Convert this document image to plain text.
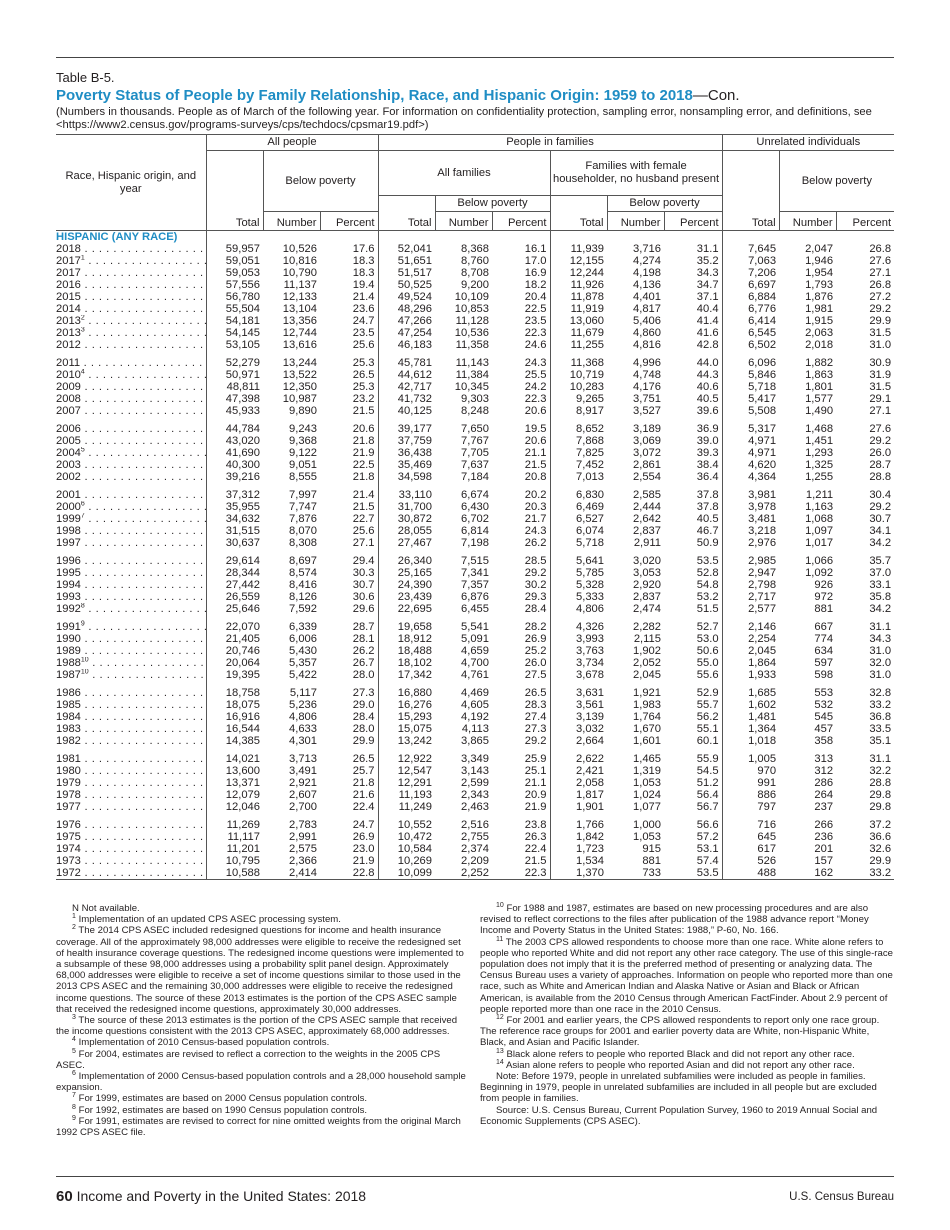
Table B-5.
Poverty Status of People by Family Relationship, Race, and Hispanic Origin: 1959 to 2018—Con.
(Numbers in thousands. People as of March of the following year. For information on confidentiality protection, sampling error, nonsampling error, and definitions, see <https://www2.census.gov/programs-surveys/cps/techdocs/cpsmar19.pdf>)
Race, Hispanic origin, and year	All people			People in families						Unrelated individuals		
	Total	Below poverty		All families			Families with female householder, no husband present			Total	Below poverty	
				Total	Below poverty		Total	Below poverty				
		Number	Percent		Number	Percent		Number	Percent		Number	Percent
HISPANIC (ANY RACE)												
2018 . . .	59,957	10,526	17.6	52,041	8,368	16.1	11,939	3,716	31.1	7,645	2,047	26.8
2017$^1$ . . .	59,051	10,816	18.3	51,651	8,760	17.0	12,155	4,274	35.2	7,063	1,946	27.6
2017 . . .	59,053	10,790	18.3	51,517	8,708	16.9	12,244	4,198	34.3	7,206	1,954	27.1
2016 . . .	57,556	11,137	19.4	50,525	9,200	18.2	11,926	4,136	34.7	6,697	1,793	26.8
2015 . . .	56,780	12,133	21.4	49,524	10,109	20.4	11,878	4,401	37.1	6,884	1,876	27.2
2014 . . .	55,504	13,104	23.6	48,296	10,853	22.5	11,919	4,817	40.4	6,776	1,981	29.2
2013$^2$ . . .	54,181	13,356	24.7	47,266	11,128	23.5	13,060	5,406	41.4	6,414	1,915	29.9
2013$^3$ . . .	54,145	12,744	23.5	47,254	10,536	22.3	11,679	4,860	41.6	6,545	2,063	31.5
2012 . . .	53,105	13,616	25.6	46,183	11,358	24.6	11,255	4,816	42.8	6,502	2,018	31.0
2011 . . .	52,279	13,244	25.3	45,781	11,143	24.3	11,368	4,996	44.0	6,096	1,882	30.9
2010$^4$ . . .	50,971	13,522	26.5	44,612	11,384	25.5	10,719	4,748	44.3	5,846	1,863	31.9
2009 . . .	48,811	12,350	25.3	42,717	10,345	24.2	10,283	4,176	40.6	5,718	1,801	31.5
2008 . . .	47,398	10,987	23.2	41,732	9,303	22.3	9,265	3,751	40.5	5,417	1,577	29.1
2007 . . .	45,933	9,890	21.5	40,125	8,248	20.6	8,917	3,527	39.6	5,508	1,490	27.1
2006 . . .	44,784	9,243	20.6	39,177	7,650	19.5	8,652	3,189	36.9	5,317	1,468	27.6
2005 . . .	43,020	9,368	21.8	37,759	7,767	20.6	7,868	3,069	39.0	4,971	1,451	29.2
2004$^5$ . . .	41,690	9,122	21.9	36,438	7,705	21.1	7,825	3,072	39.3	4,971	1,293	26.0
2003 . . .	40,300	9,051	22.5	35,469	7,637	21.5	7,452	2,861	38.4	4,620	1,325	28.7
2002 . . .	39,216	8,555	21.8	34,598	7,184	20.8	7,013	2,554	36.4	4,364	1,255	28.8
2001 . . .	37,312	7,997	21.4	33,110	6,674	20.2	6,830	2,585	37.8	3,981	1,211	30.4
2000$^6$ . . .	35,955	7,747	21.5	31,700	6,430	20.3	6,469	2,444	37.8	3,978	1,163	29.2
1999$^7$ . . .	34,632	7,876	22.7	30,872	6,702	21.7	6,527	2,642	40.5	3,481	1,068	30.7
1998 . . .	31,515	8,070	25.6	28,055	6,814	24.3	6,074	2,837	46.7	3,218	1,097	34.1
1997 . . .	30,637	8,308	27.1	27,467	7,198	26.2	5,718	2,911	50.9	2,976	1,017	34.2
1996 . . .	29,614	8,697	29.4	26,340	7,515	28.5	5,641	3,020	53.5	2,985	1,066	35.7
1995 . . .	28,344	8,574	30.3	25,165	7,341	29.2	5,785	3,053	52.8	2,947	1,092	37.0
1994 . . .	27,442	8,416	30.7	24,390	7,357	30.2	5,328	2,920	54.8	2,798	926	33.1
1993 . . .	26,559	8,126	30.6	23,439	6,876	29.3	5,333	2,837	53.2	2,717	972	35.8
1992$^8$ . . .	25,646	7,592	29.6	22,695	6,455	28.4	4,806	2,474	51.5	2,577	881	34.2
1991$^9$ . . .	22,070	6,339	28.7	19,658	5,541	28.2	4,326	2,282	52.7	2,146	667	31.1
1990 . . .	21,405	6,006	28.1	18,912	5,091	26.9	3,993	2,115	53.0	2,254	774	34.3
1989 . . .	20,746	5,430	26.2	18,488	4,659	25.2	3,763	1,902	50.6	2,045	634	31.0
1988$^{10}$ . . .	20,064	5,357	26.7	18,102	4,700	26.0	3,734	2,052	55.0	1,864	597	32.0
1987$^{10}$ . . .	19,395	5,422	28.0	17,342	4,761	27.5	3,678	2,045	55.6	1,933	598	31.0
1986 . . .	18,758	5,117	27.3	16,880	4,469	26.5	3,631	1,921	52.9	1,685	553	32.8
1985 . . .	18,075	5,236	29.0	16,276	4,605	28.3	3,561	1,983	55.7	1,602	532	33.2
1984 . . .	16,916	4,806	28.4	15,293	4,192	27.4	3,139	1,764	56.2	1,481	545	36.8
1983 . . .	16,544	4,633	28.0	15,075	4,113	27.3	3,032	1,670	55.1	1,364	457	33.5
1982 . . .	14,385	4,301	29.9	13,242	3,865	29.2	2,664	1,601	60.1	1,018	358	35.1
1981 . . .	14,021	3,713	26.5	12,922	3,349	25.9	2,622	1,465	55.9	1,005	313	31.1
1980 . . .	13,600	3,491	25.7	12,547	3,143	25.1	2,421	1,319	54.5	970	312	32.2
1979 . . .	13,371	2,921	21.8	12,291	2,599	21.1	2,058	1,053	51.2	991	286	28.8
1978 . . .	12,079	2,607	21.6	11,193	2,343	20.9	1,817	1,024	56.4	886	264	29.8
1977 . . .	12,046	2,700	22.4	11,249	2,463	21.9	1,901	1,077	56.7	797	237	29.8
1976 . . .	11,269	2,783	24.7	10,552	2,516	23.8	1,766	1,000	56.6	716	266	37.2
1975 . . .	11,117	2,991	26.9	10,472	2,755	26.3	1,842	1,053	57.2	645	236	36.6
1974 . . .	11,201	2,575	23.0	10,584	2,374	22.4	1,723	915	53.1	617	201	32.6
1973 . . .	10,795	2,366	21.9	10,269	2,209	21.5	1,534	881	57.4	526	157	29.9
1972 . . .	10,588	2,414	22.8	10,099	2,252	22.3	1,370	733	53.5	488	162	33.2

N Not available.

$^1$ Implementation of an updated CPS ASEC processing system.

$^2$ The 2014 CPS ASEC included redesigned questions for income and health insurance coverage. All of the approximately 98,000 addresses were eligible to receive the redesigned set of health insurance coverage questions. The redesigned income questions were implemented to a subsample of these 98,000 addresses using a probability split panel design. Approximately 68,000 addresses were eligible to receive a set of income questions similar to those used in the 2013 CPS ASEC and the remaining 30,000 addresses were eligible to receive the redesigned income questions. The source of these 2013 estimates is the portion of the CPS ASEC sample that received the redesigned income questions, approximately 30,000 addresses.

$^3$ The source of these 2013 estimates is the portion of the CPS ASEC sample that received the income questions consistent with the 2013 CPS ASEC, approximately 68,000 addresses.

$^4$ Implementation of 2010 Census-based population controls.

$^5$ For 2004, estimates are revised to reflect a correction to the weights in the 2005 CPS ASEC.

$^6$ Implementation of 2000 Census-based population controls and a 28,000 household sample expansion.

$^7$ For 1999, estimates are based on 2000 Census population controls.

$^8$ For 1992, estimates are based on 1990 Census population controls.

$^9$ For 1991, estimates are revised to correct for nine omitted weights from the original March 1992 CPS ASEC file.

$^{10}$ For 1988 and 1987, estimates are based on new processing procedures and are also revised to reflect corrections to the files after publication of the 1988 advance report “Money Income and Poverty Status in the United States: 1988,” P-60, No. 166.

$^{11}$ The 2003 CPS allowed respondents to choose more than one race. White alone refers to people who reported White and did not report any other race category. The use of this single-race population does not imply that it is the preferred method of presenting or analyzing data. The Census Bureau uses a variety of approaches. Information on people who reported more than one race, such as White and American Indian and Alaska Native or Asian and Black or African American, is available from the 2010 Census through American FactFinder. About 2.9 percent of people reported more than one race in the 2010 Census.

$^{12}$ For 2001 and earlier years, the CPS allowed respondents to report only one race group. The reference race groups for 2001 and earlier poverty data are White, non-Hispanic White, Black, and Asian and Pacific Islander.

$^{13}$ Black alone refers to people who reported Black and did not report any other race.

$^{14}$ Asian alone refers to people who reported Asian and did not report any other race.

Note: Before 1979, people in unrelated subfamilies were included as people in families. Beginning in 1979, people in unrelated subfamilies are included in all people but are excluded from people in families.

Source: U.S. Census Bureau, Current Population Survey, 1960 to 2019 Annual Social and Economic Supplements (CPS ASEC).

60 Income and Poverty in the United States: 2018	U.S. Census Bureau
